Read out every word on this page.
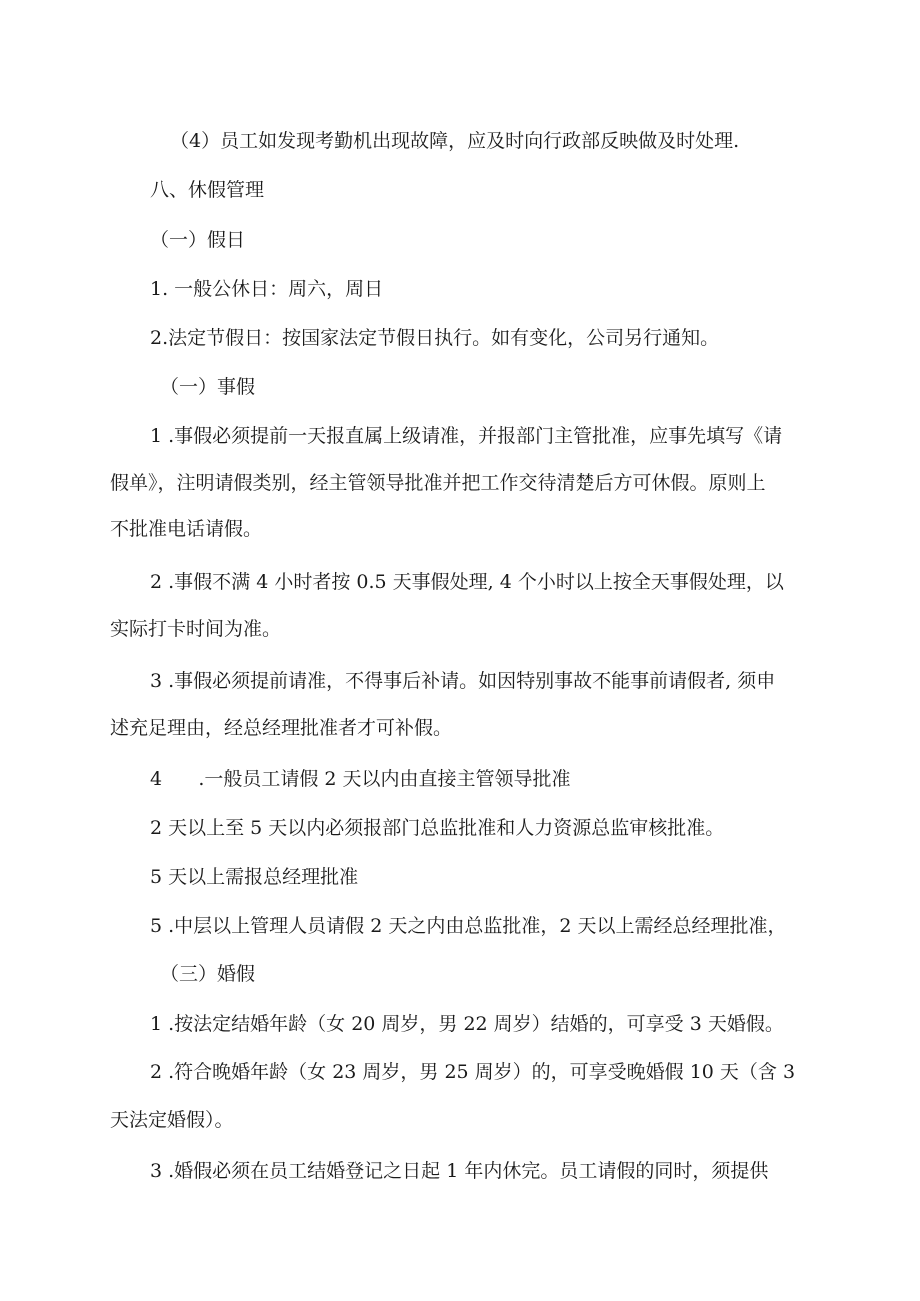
（4）员工如发现考勤机出现故障，应及时向行政部反映做及时处理.
八、休假管理
（一）假日
1. 一般公休日：周六，周日
2.法定节假日：按国家法定节假日执行。如有变化，公司另行通知。
（一）事假
1 .事假必须提前一天报直属上级请准，并报部门主管批准，应事先填写《请
假单》，注明请假类别，经主管领导批准并把工作交待清楚后方可休假。原则上
不批准电话请假。
2 .事假不满 4 小时者按 0.5 天事假处理, 4 个小时以上按全天事假处理，以
实际打卡时间为准。
3 .事假必须提前请准，不得事后补请。如因特别事故不能事前请假者, 须申
述充足理由，经总经理批准者才可补假。
4      .一般员工请假 2 天以内由直接主管领导批准
2 天以上至 5 天以内必须报部门总监批准和人力资源总监审核批准。
5 天以上需报总经理批准
5 .中层以上管理人员请假 2 天之内由总监批准，2 天以上需经总经理批准，
（三）婚假
1 .按法定结婚年龄（女 20 周岁，男 22 周岁）结婚的，可享受 3 天婚假。
2 .符合晚婚年龄（女 23 周岁，男 25 周岁）的，可享受晚婚假 10 天（含 3
天法定婚假）。
3 .婚假必须在员工结婚登记之日起 1 年内休完。员工请假的同时，须提供
